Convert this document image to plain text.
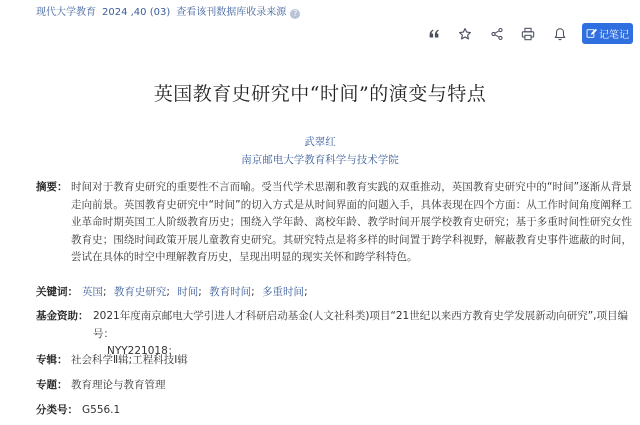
现代大学教育 2024 ,40 (03) 查看该刊数据库收录来源 ?
记笔记
英国教育史研究中“时间”的演变与特点
武翠红
南京邮电大学教育科学与技术学院
摘要： 时间对于教育史研究的重要性不言而喻。受当代学术思潮和教育实践的双重推动，英国教育史研究中的“时间”逐渐从背景走向前景。英国教育史研究中“时间”的切入方式是从时间界面的问题入手，具体表现在四个方面：从工作时间角度阐释工业革命时期英国工人阶级教育历史；围绕入学年龄、离校年龄、教学时间开展学校教育史研究；基于多重时间性研究女性教育史；围绕时间政策开展儿童教育史研究。其研究特点是将多样的时间置于跨学科视野，解蔽教育史事件遮蔽的时间，尝试在具体的时空中理解教育历史，呈现出明显的现实关怀和跨学科特色。
关键词： 英国; 教育史研究; 时间; 教育时间; 多重时间;
基金资助： 2021年度南京邮电大学引进人才科研启动基金(人文社科类)项目“21世纪以来西方教育史学发展新动向研究”,项目编号：
NYY221018；
专辑： 社会科学Ⅱ辑;工程科技Ⅰ辑
专题： 教育理论与教育管理
分类号： G556.1
